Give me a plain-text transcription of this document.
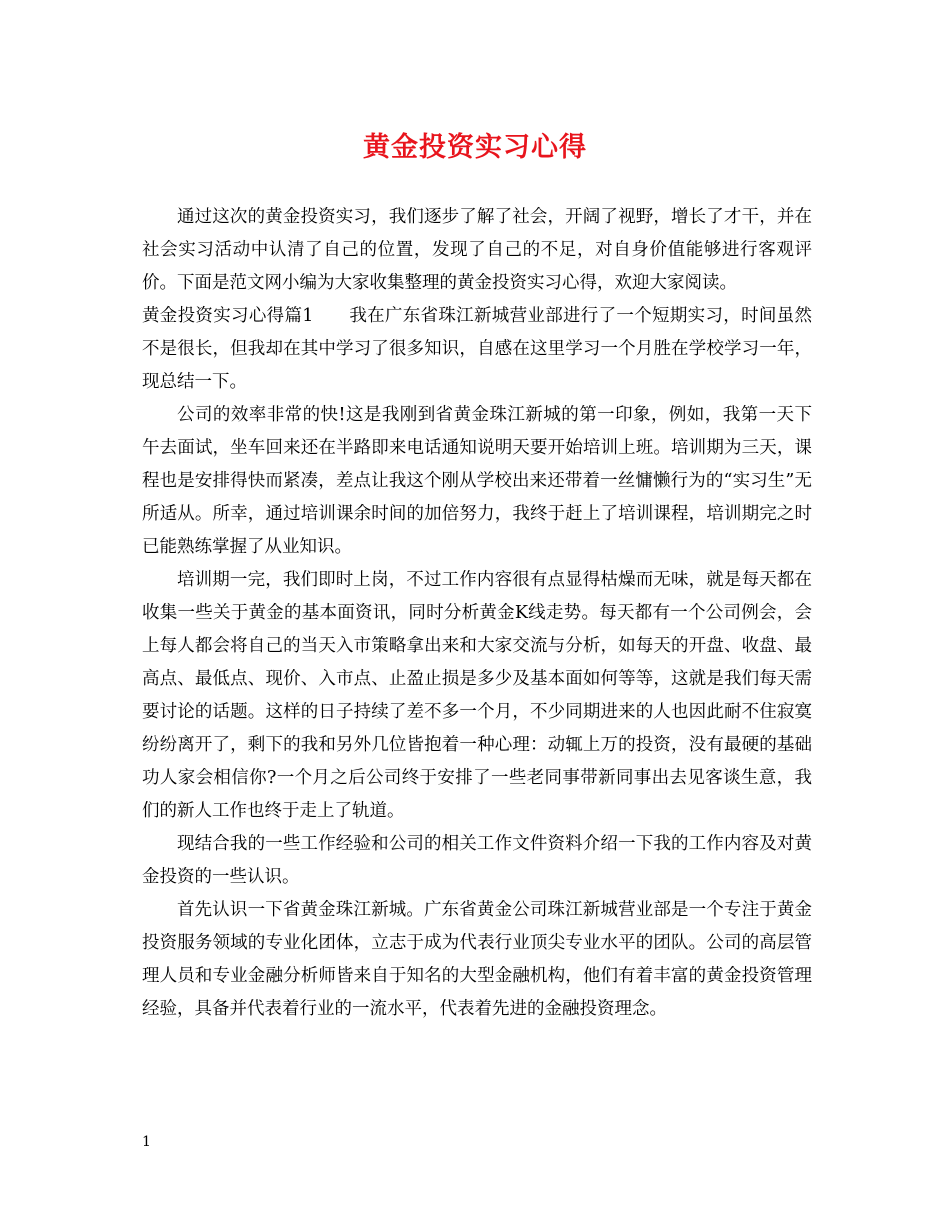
黄金投资实习心得

通过这次的黄金投资实习，我们逐步了解了社会，开阔了视野，增长了才干，并在社会实习活动中认清了自己的位置，发现了自己的不足，对自身价值能够进行客观评价。下面是范文网小编为大家收集整理的黄金投资实习心得，欢迎大家阅读。

黄金投资实习心得篇1　　我在广东省珠江新城营业部进行了一个短期实习，时间虽然不是很长，但我却在其中学习了很多知识，自感在这里学习一个月胜在学校学习一年，现总结一下。

公司的效率非常的快!这是我刚到省黄金珠江新城的第一印象，例如，我第一天下午去面试，坐车回来还在半路即来电话通知说明天要开始培训上班。培训期为三天，课程也是安排得快而紧凑，差点让我这个刚从学校出来还带着一丝慵懒行为的“实习生”无所适从。所幸，通过培训课余时间的加倍努力，我终于赶上了培训课程，培训期完之时已能熟练掌握了从业知识。

培训期一完，我们即时上岗，不过工作内容很有点显得枯燥而无味，就是每天都在收集一些关于黄金的基本面资讯，同时分析黄金K线走势。每天都有一个公司例会，会上每人都会将自己的当天入市策略拿出来和大家交流与分析，如每天的开盘、收盘、最高点、最低点、现价、入市点、止盈止损是多少及基本面如何等等，这就是我们每天需要讨论的话题。这样的日子持续了差不多一个月，不少同期进来的人也因此耐不住寂寞纷纷离开了，剩下的我和另外几位皆抱着一种心理：动辄上万的投资，没有最硬的基础功人家会相信你?一个月之后公司终于安排了一些老同事带新同事出去见客谈生意，我们的新人工作也终于走上了轨道。

现结合我的一些工作经验和公司的相关工作文件资料介绍一下我的工作内容及对黄金投资的一些认识。

首先认识一下省黄金珠江新城。广东省黄金公司珠江新城营业部是一个专注于黄金投资服务领域的专业化团体，立志于成为代表行业顶尖专业水平的团队。公司的高层管理人员和专业金融分析师皆来自于知名的大型金融机构，他们有着丰富的黄金投资管理经验，具备并代表着行业的一流水平，代表着先进的金融投资理念。

1
